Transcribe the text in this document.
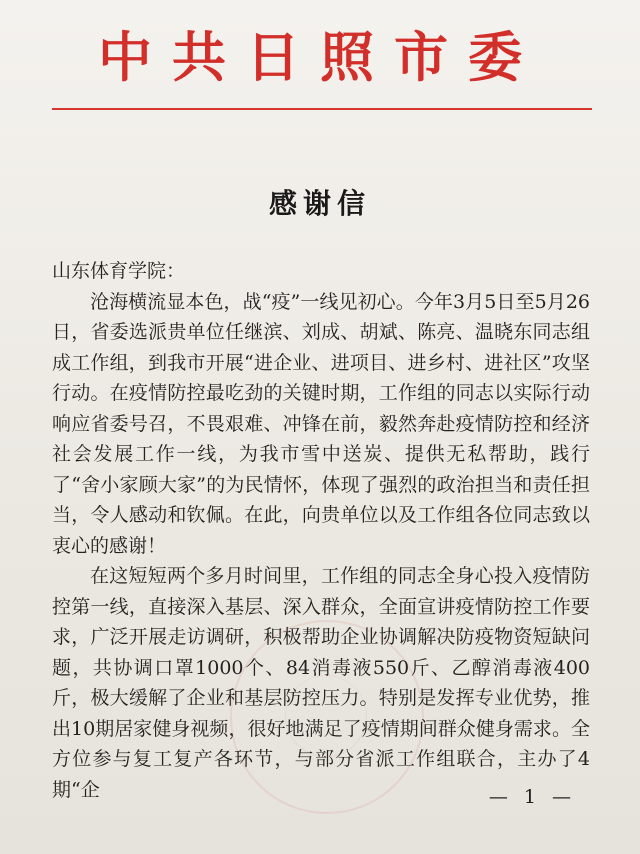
中共日照市委
感谢信

山东体育学院：

沧海横流显本色，战“疫”一线见初心。今年3月5日至5月26日，省委选派贵单位任继滨、刘成、胡斌、陈亮、温晓东同志组成工作组，到我市开展“进企业、进项目、进乡村、进社区”攻坚行动。在疫情防控最吃劲的关键时期，工作组的同志以实际行动响应省委号召，不畏艰难、冲锋在前，毅然奔赴疫情防控和经济社会发展工作一线，为我市雪中送炭、提供无私帮助，践行了“舍小家顾大家”的为民情怀，体现了强烈的政治担当和责任担当，令人感动和钦佩。在此，向贵单位以及工作组各位同志致以衷心的感谢！

在这短短两个多月时间里，工作组的同志全身心投入疫情防控第一线，直接深入基层、深入群众，全面宣讲疫情防控工作要求，广泛开展走访调研，积极帮助企业协调解决防疫物资短缺问题，共协调口罩1000个、84消毒液550斤、乙醇消毒液400斤，极大缓解了企业和基层防控压力。特别是发挥专业优势，推出10期居家健身视频，很好地满足了疫情期间群众健身需求。全方位参与复工复产各环节，与部分省派工作组联合，主办了4期“企	— 1 —
